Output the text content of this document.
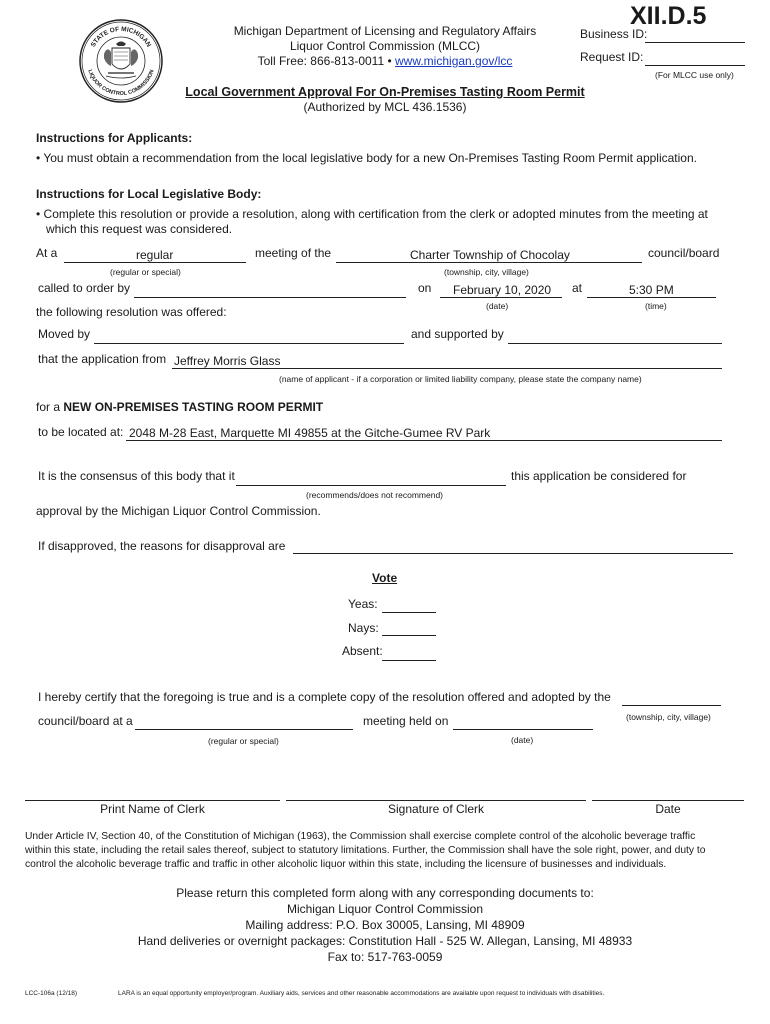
STATE OF MICHIGAN
LIQUOR CONTROL COMMISSION
Michigan Department of Licensing and Regulatory Affairs
Liquor Control Commission (MLCC)
Toll Free: 866-813-0011 • www.michigan.gov/lcc
XII.D.5
Business ID:
Request ID:
(For MLCC use only)
Local Government Approval For On-Premises Tasting Room Permit
(Authorized by MCL 436.1536)
Instructions for Applicants:
• You must obtain a recommendation from the local legislative body for a new On-Premises Tasting Room Permit application.
Instructions for Local Legislative Body:
• Complete this resolution or provide a resolution, along with certification from the clerk or adopted minutes from the meeting at
which this request was considered.
At a	regular
(regular or special)
meeting of the	Charter Township of Chocolay
(township, city, village)
council/board
called to order by	on February 10, 2020
(date)
at	5:30 PM
(time)
the following resolution was offered:
Moved by	and supported by
that the application from Jeffrey Morris Glass
(name of applicant - if a corporation or limited liability company, please state the company name)
for a NEW ON-PREMISES TASTING ROOM PERMIT
to be located at: 2048 M-28 East, Marquette MI 49855 at the Gitche-Gumee RV Park
It is the consensus of this body that it	this application be considered for
(recommends/does not recommend)
approval by the Michigan Liquor Control Commission.
If disapproved, the reasons for disapproval are
Vote
Yeas:
Nays:
Absent:
I hereby certify that the foregoing is true and is a complete copy of the resolution offered and adopted by the
(township, city, village)
council/board at a	meeting held on
(regular or special)	(date)
Print Name of Clerk	Signature of Clerk	Date
Under Article IV, Section 40, of the Constitution of Michigan (1963), the Commission shall exercise complete control of the alcoholic beverage traffic
within this state, including the retail sales thereof, subject to statutory limitations. Further, the Commission shall have the sole right, power, and duty to
control the alcoholic beverage traffic and traffic in other alcoholic liquor within this state, including the licensure of businesses and individuals.
Please return this completed form along with any corresponding documents to:
Michigan Liquor Control Commission
Mailing address: P.O. Box 30005, Lansing, MI 48909
Hand deliveries or overnight packages: Constitution Hall - 525 W. Allegan, Lansing, MI 48933
Fax to: 517-763-0059
LCC-106a (12/18)	LARA is an equal opportunity employer/program. Auxiliary aids, services and other reasonable accommodations are available upon request to individuals with disabilities.
